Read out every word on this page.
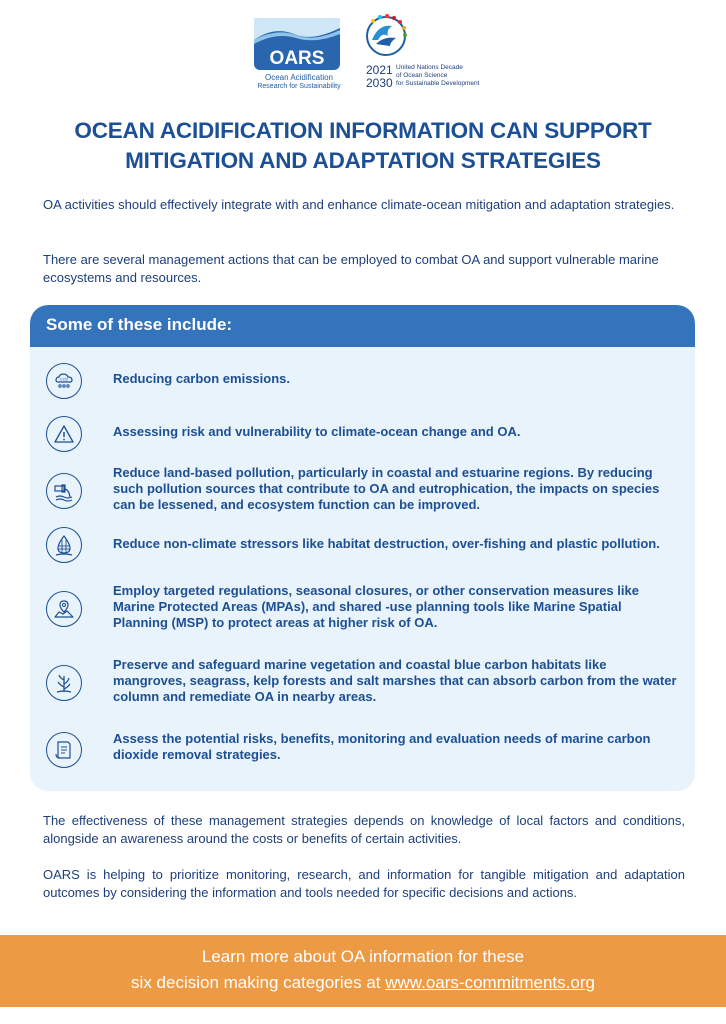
OARS
Ocean Acidification
Research for Sustainability
2021
2030
United Nations Decade
of Ocean Science
for Sustainable Development
OCEAN ACIDIFICATION INFORMATION CAN SUPPORT
MITIGATION AND ADAPTATION STRATEGIES

OA activities should effectively integrate with and enhance climate-ocean mitigation and adaptation strategies.

There are several management actions that can be employed to combat OA and support vulnerable marine ecosystems and resources.

Some of these include:
CO2	Reducing carbon emissions.
Assessing risk and vulnerability to climate-ocean change and OA.
Reduce land-based pollution, particularly in coastal and estuarine regions. By reducing such pollution sources that contribute to OA and eutrophication, the impacts on species can be lessened, and ecosystem function can be improved.
Reduce non-climate stressors like habitat destruction, over-fishing and plastic pollution.
Employ targeted regulations, seasonal closures, or other conservation measures like Marine Protected Areas (MPAs), and shared -use planning tools like Marine Spatial Planning (MSP) to protect areas at higher risk of OA.
Preserve and safeguard marine vegetation and coastal blue carbon habitats like mangroves, seagrass, kelp forests and salt marshes that can absorb carbon from the water column and remediate OA in nearby areas.
Assess the potential risks, benefits, monitoring and evaluation needs of marine carbon dioxide removal strategies.

The effectiveness of these management strategies depends on knowledge of local factors and conditions, alongside an awareness around the costs or benefits of certain activities.

OARS is helping to prioritize monitoring, research, and information for tangible mitigation and adaptation outcomes by considering the information and tools needed for specific decisions and actions.

Learn more about OA information for these
six decision making categories at www.oars-commitments.org
